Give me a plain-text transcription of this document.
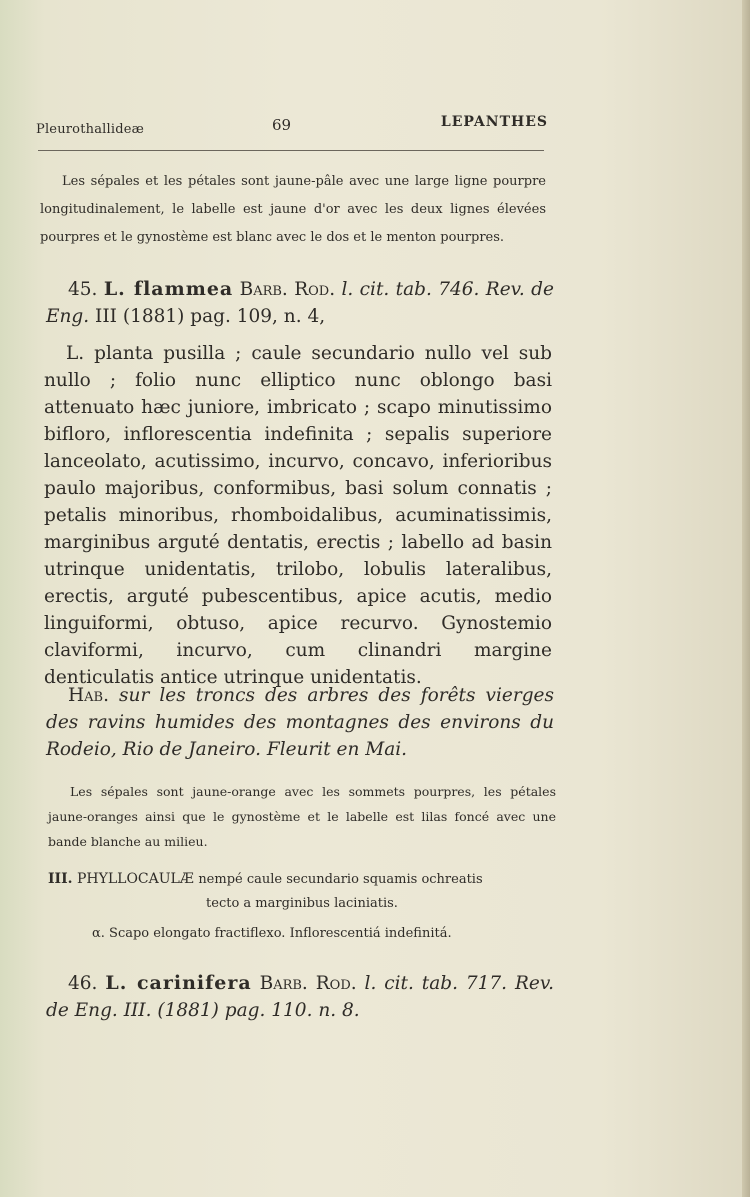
Pleurothallideæ	69	LEPANTHES
Les sépales et les pétales sont jaune-pâle avec une large ligne pourpre longitudinalement, le labelle est jaune d'or avec les deux lignes élevées pourpres et le gynostème est blanc avec le dos et le menton pourpres.
45. L. flammea Barb. Rod. l. cit. tab. 746. Rev. de Eng. III (1881) pag. 109, n. 4,
L. planta pusilla ; caule secundario nullo vel sub nullo ; folio nunc elliptico nunc oblongo basi attenuato hæc juniore, imbricato ; scapo minutissimo bifloro, inflorescentia indefinita ; sepalis superiore lanceolato, acutissimo, incurvo, concavo, inferioribus paulo majoribus, conformibus, basi solum connatis ; petalis minoribus, rhomboidalibus, acuminatissimis, marginibus arguté dentatis, erectis ; labello ad basin utrinque unidentatis, trilobo, lobulis lateralibus, erectis, arguté pubescentibus, apice acutis, medio linguiformi, obtuso, apice recurvo. Gynostemio claviformi, incurvo, cum clinandri margine denticulatis antice utrinque unidentatis.
Hab. sur les troncs des arbres des forêts vierges des ravins humides des montagnes des environs du Rodeio, Rio de Janeiro. Fleurit en Mai.
Les sépales sont jaune-orange avec les sommets pourpres, les pétales jaune-oranges ainsi que le gynostème et le labelle est lilas foncé avec une bande blanche au milieu.
III. PHYLLOCAULÆ nempé caule secundario squamis ochreatis
tecto a marginibus laciniatis.
α. Scapo elongato fractiflexo. Inflorescentiá indefinitá.
46. L. carinifera Barb. Rod. l. cit. tab. 717. Rev. de Eng. III. (1881) pag. 110. n. 8.
